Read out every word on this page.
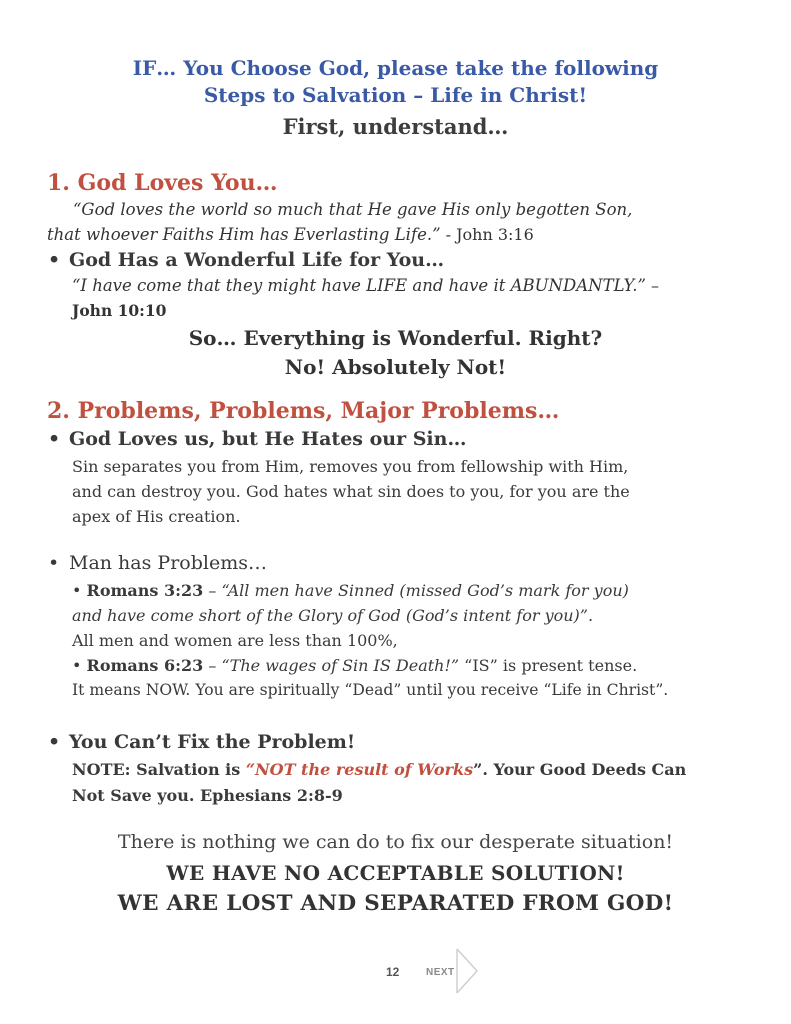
IF… You Choose God, please take the following
Steps to Salvation – Life in Christ!
First, understand…
1. God Loves You…
“God loves the world so much that He gave His only begotten Son,
that whoever Faiths Him has Everlasting Life.” - John 3:16
• God Has a Wonderful Life for You…
“I have come that they might have LIFE and have it ABUNDANTLY.” –
John 10:10
So… Everything is Wonderful. Right?
No! Absolutely Not!
2. Problems, Problems, Major Problems…
• God Loves us, but He Hates our Sin…
Sin separates you from Him, removes you from fellowship with Him,
and can destroy you. God hates what sin does to you, for you are the
apex of His creation.
• Man has Problems…
• Romans 3:23 – “All men have Sinned (missed God’s mark for you)
and have come short of the Glory of God (God’s intent for you)”.
All men and women are less than 100%,
• Romans 6:23 – “The wages of Sin IS Death!” “IS” is present tense.
It means NOW. You are spiritually “Dead” until you receive “Life in Christ”.
• You Can’t Fix the Problem!
NOTE: Salvation is “NOT the result of Works”. Your Good Deeds Can
Not Save you. Ephesians 2:8-9
There is nothing we can do to fix our desperate situation!
WE HAVE NO ACCEPTABLE SOLUTION!
WE ARE LOST AND SEPARATED FROM GOD!
12	NEXT
